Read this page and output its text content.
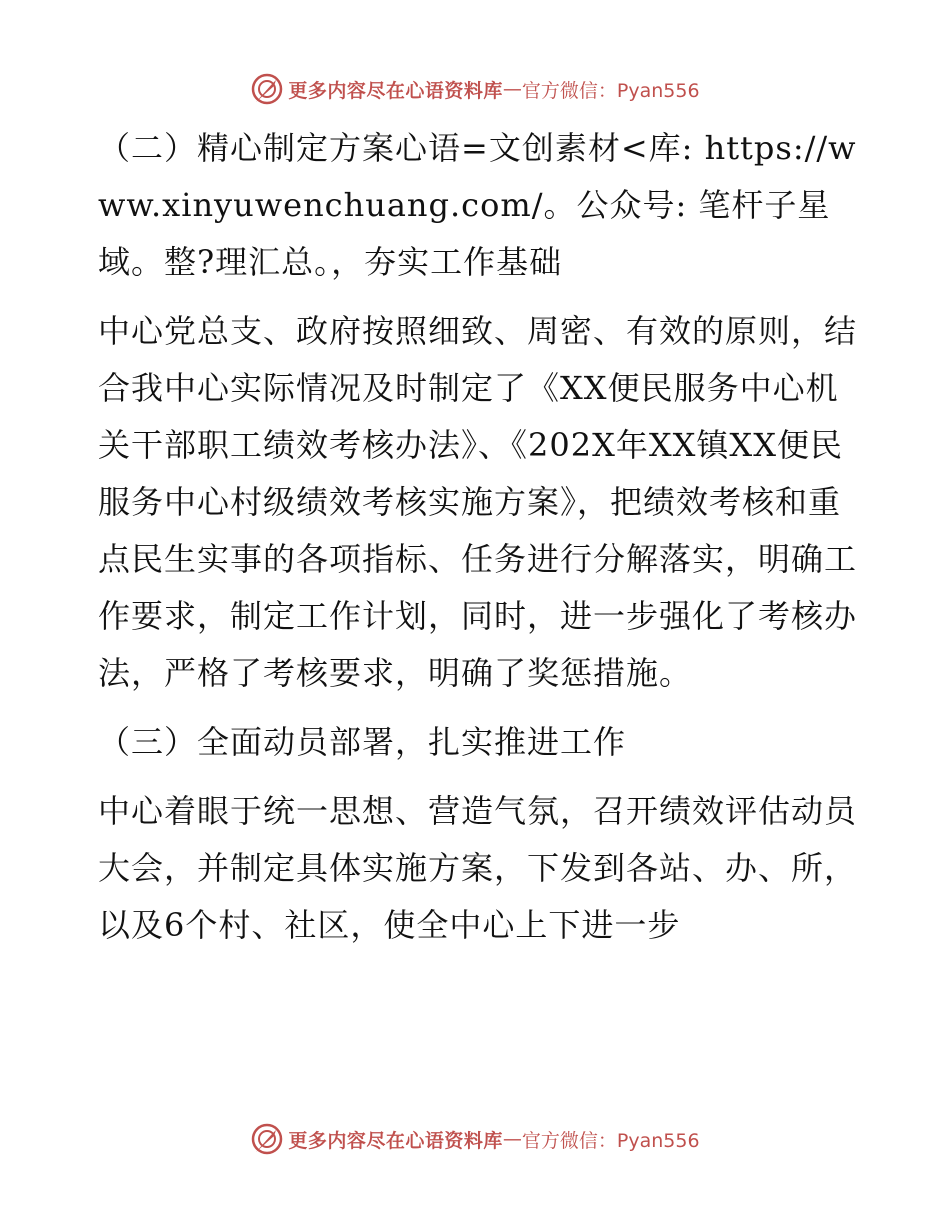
更多内容尽在心语资料库 — 官方微信：Pyan556

（二）精心制定方案心语=文创素材<库: https://www.xinyuwenchuang.com/。公众号: 笔杆子星域。整?理汇总。，夯实工作基础

中心党总支、政府按照细致、周密、有效的原则，结合我中心实际情况及时制定了《XX便民服务中心机关干部职工绩效考核办法》、《202X年XX镇XX便民服务中心村级绩效考核实施方案》，把绩效考核和重点民生实事的各项指标、任务进行分解落实，明确工作要求，制定工作计划，同时，进一步强化了考核办法，严格了考核要求，明确了奖惩措施。

（三）全面动员部署，扎实推进工作

中心着眼于统一思想、营造气氛，召开绩效评估动员大会，并制定具体实施方案，下发到各站、办、所，以及6个村、社区，使全中心上下进一步

更多内容尽在心语资料库 — 官方微信：Pyan556
